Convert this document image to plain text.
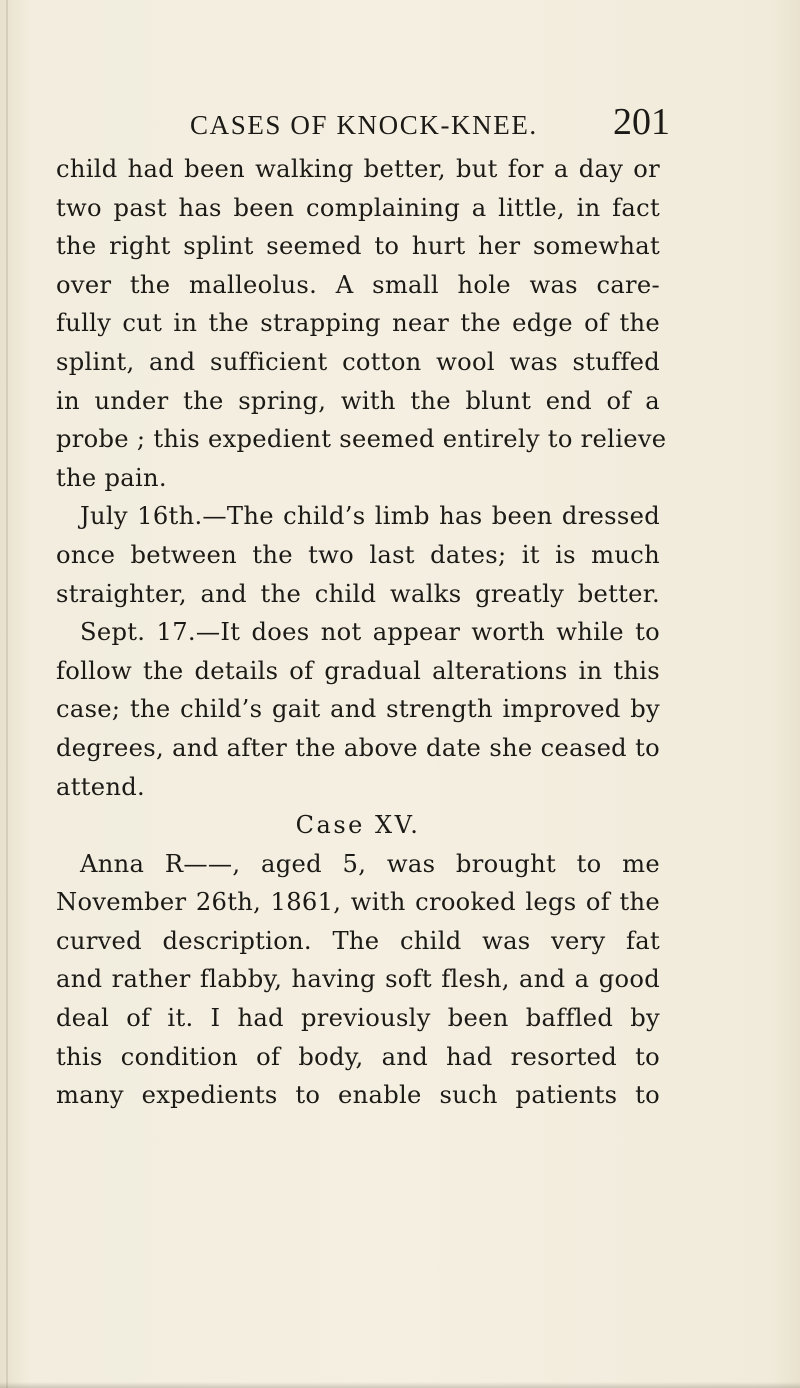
CASES OF KNOCK-KNEE. 201
child had been walking better, but for a day or
two past has been complaining a little, in fact
the right splint seemed to hurt her somewhat
over the malleolus. A small hole was care-
fully cut in the strapping near the edge of the
splint, and sufficient cotton wool was stuffed
in under the spring, with the blunt end of a
probe ; this expedient seemed entirely to relieve
the pain.
July 16th.—The child’s limb has been dressed
once between the two last dates; it is much
straighter, and the child walks greatly better.
Sept. 17.—It does not appear worth while to
follow the details of gradual alterations in this
case; the child’s gait and strength improved by
degrees, and after the above date she ceased to
attend.
Case XV.
Anna R——, aged 5, was brought to me
November 26th, 1861, with crooked legs of the
curved description. The child was very fat
and rather flabby, having soft flesh, and a good
deal of it. I had previously been baffled by
this condition of body, and had resorted to
many expedients to enable such patients to
